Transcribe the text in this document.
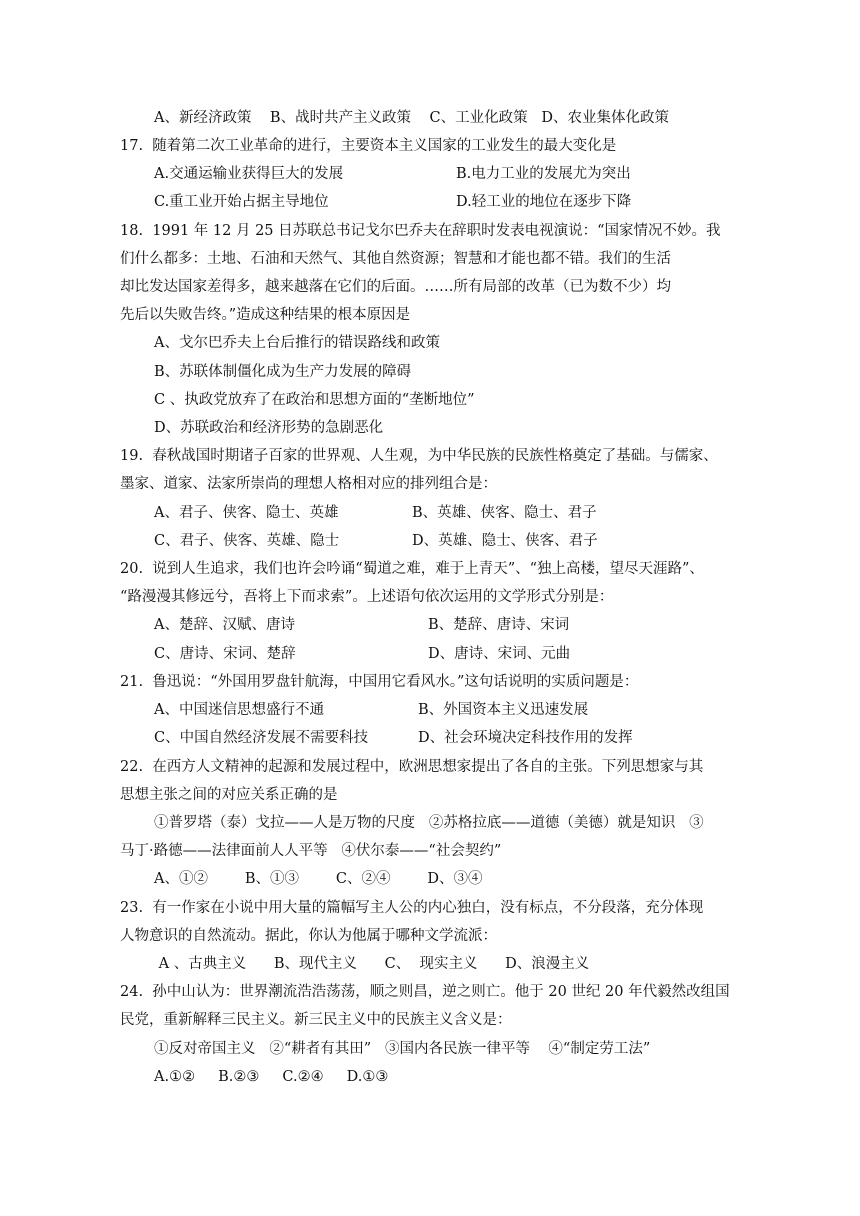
A、新经济政策    B、战时共产主义政策    C、工业化政策   D、农业集体化政策
17.  随着第二次工业革命的进行，主要资本主义国家的工业发生的最大变化是
A.交通运输业获得巨大的发展	B.电力工业的发展尤为突出
C.重工业开始占据主导地位	D.轻工业的地位在逐步下降
18.  1991 年 12 月 25 日苏联总书记戈尔巴乔夫在辞职时发表电视演说：“国家情况不妙。我
们什么都多：土地、石油和天然气、其他自然资源；智慧和才能也都不错。我们的生活
却比发达国家差得多，越来越落在它们的后面。……所有局部的改革（已为数不少）均
先后以失败告终。”造成这种结果的根本原因是
A、戈尔巴乔夫上台后推行的错误路线和政策
B、苏联体制僵化成为生产力发展的障碍
C 、执政党放弃了在政治和思想方面的“垄断地位”
D、苏联政治和经济形势的急剧恶化
19.  春秋战国时期诸子百家的世界观、人生观，为中华民族的民族性格奠定了基础。与儒家、
墨家、道家、法家所崇尚的理想人格相对应的排列组合是：
A、君子、侠客、隐士、英雄	B、英雄、侠客、隐士、君子
C、君子、侠客、英雄、隐士	D、英雄、隐士、侠客、君子
20.  说到人生追求，我们也许会吟诵“蜀道之难，难于上青天”、“独上高楼，望尽天涯路”、
“路漫漫其修远兮，吾将上下而求索”。上述语句依次运用的文学形式分别是：
A、楚辞、汉赋、唐诗	B、楚辞、唐诗、宋词
C、唐诗、宋词、楚辞	D、唐诗、宋词、元曲
21.  鲁迅说：“外国用罗盘针航海，中国用它看风水。”这句话说明的实质问题是：
A、中国迷信思想盛行不通	B、外国资本主义迅速发展
C、中国自然经济发展不需要科技	D、社会环境决定科技作用的发挥
22.  在西方人文精神的起源和发展过程中，欧洲思想家提出了各自的主张。下列思想家与其
思想主张之间的对应关系正确的是
①普罗塔（泰）戈拉——人是万物的尺度   ②苏格拉底——道德（美德）就是知识   ③
马丁·路德——法律面前人人平等   ④伏尔泰——“社会契约”
A、①②        B、①③        C、②④        D、③④
23.  有一作家在小说中用大量的篇幅写主人公的内心独白，没有标点，不分段落，充分体现
人物意识的自然流动。据此，你认为他属于哪种文学流派：
A 、古典主义      B、现代主义      C、  现实主义      D、浪漫主义
24.  孙中山认为：世界潮流浩浩荡荡，顺之则昌，逆之则亡。他于 20 世纪 20 年代毅然改组国
民党，重新解释三民主义。新三民主义中的民族主义含义是：
①反对帝国主义   ②“耕者有其田”   ③国内各民族一律平等    ④“制定劳工法”
A.①②     B.②③     C.②④     D.①③
